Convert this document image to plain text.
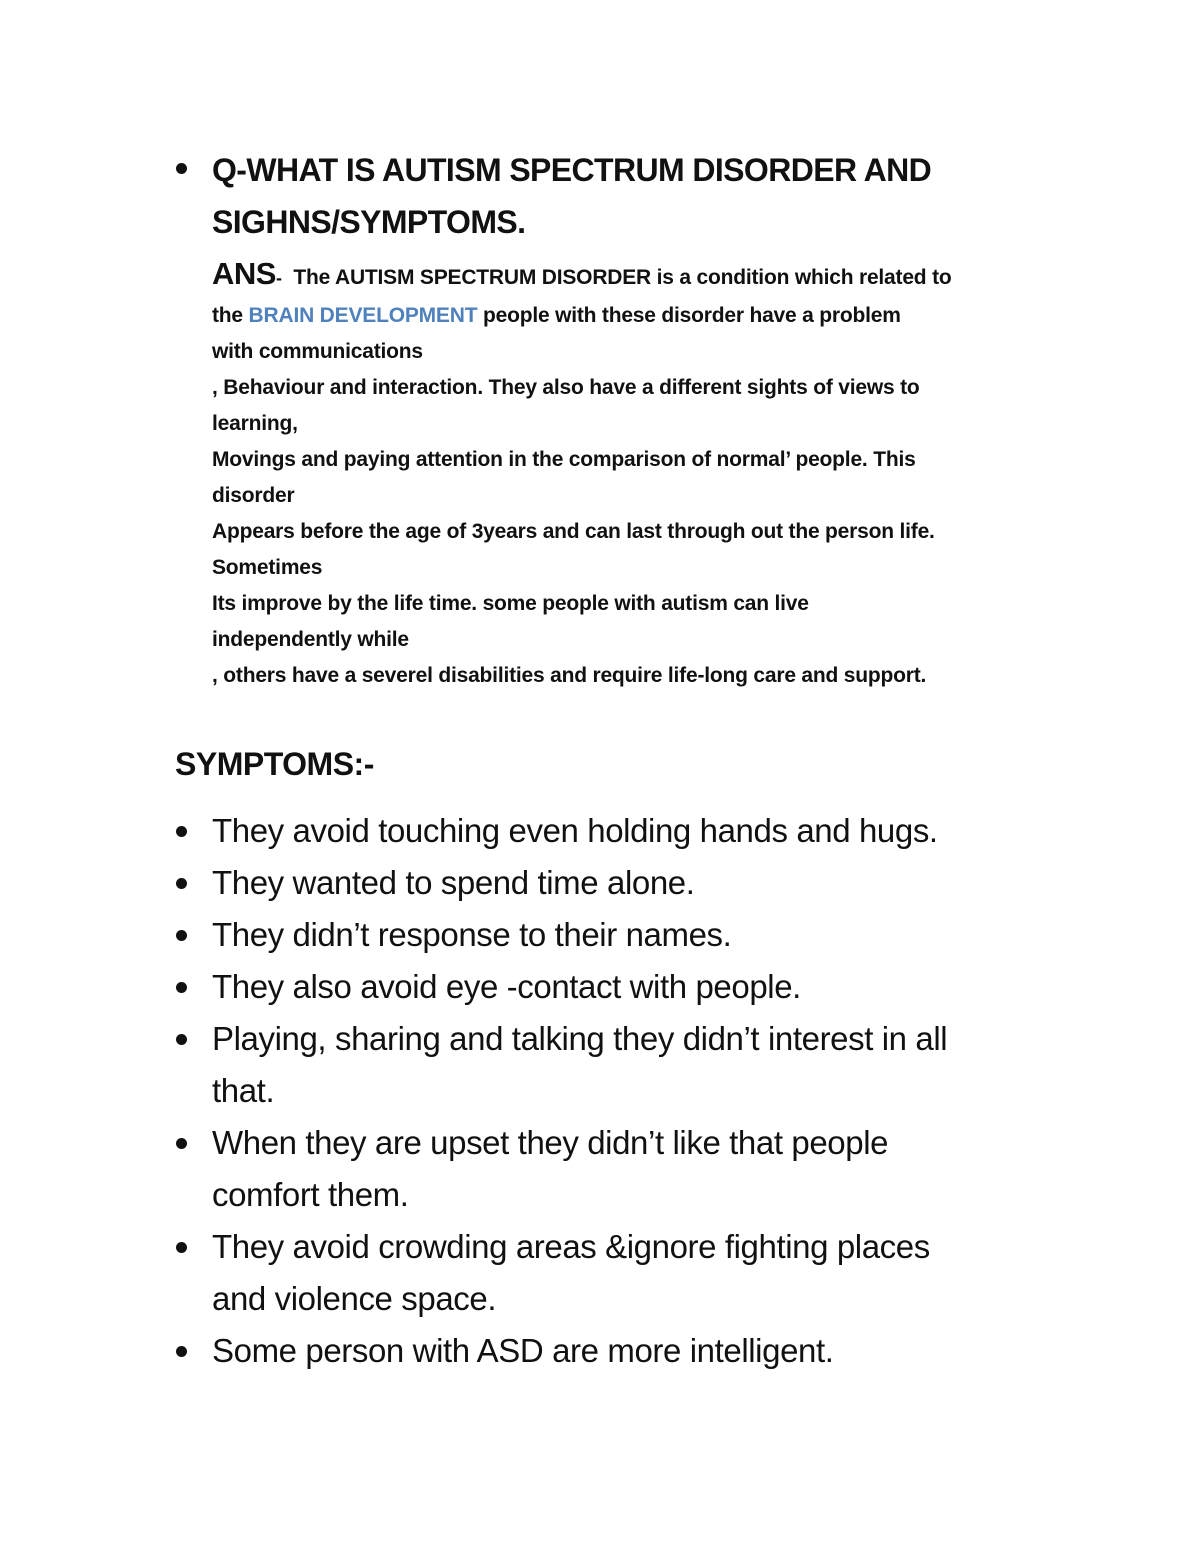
Q-WHAT IS AUTISM SPECTRUM DISORDER AND
SIGHNS/SYMPTOMS.

ANS- The AUTISM SPECTRUM DISORDER is a condition which related to
the BRAIN DEVELOPMENT people with these disorder have a problem
with communications
, Behaviour and interaction. They also have a different sights of views to
learning,
Movings and paying attention in the comparison of normal’ people. This
disorder
Appears before the age of 3years and can last through out the person life.
Sometimes
Its improve by the life time. some people with autism can live
independently while
, others have a severel disabilities and require life-long care and support.
SYMPTOMS:-
They avoid touching even holding hands and hugs.
They wanted to spend time alone.
They didn’t response to their names.
They also avoid eye -contact with people.
Playing, sharing and talking they didn’t interest in all
that.
When they are upset they didn’t like that people
comfort them.
They avoid crowding areas &ignore fighting places
and violence space.
Some person with ASD are more intelligent.
